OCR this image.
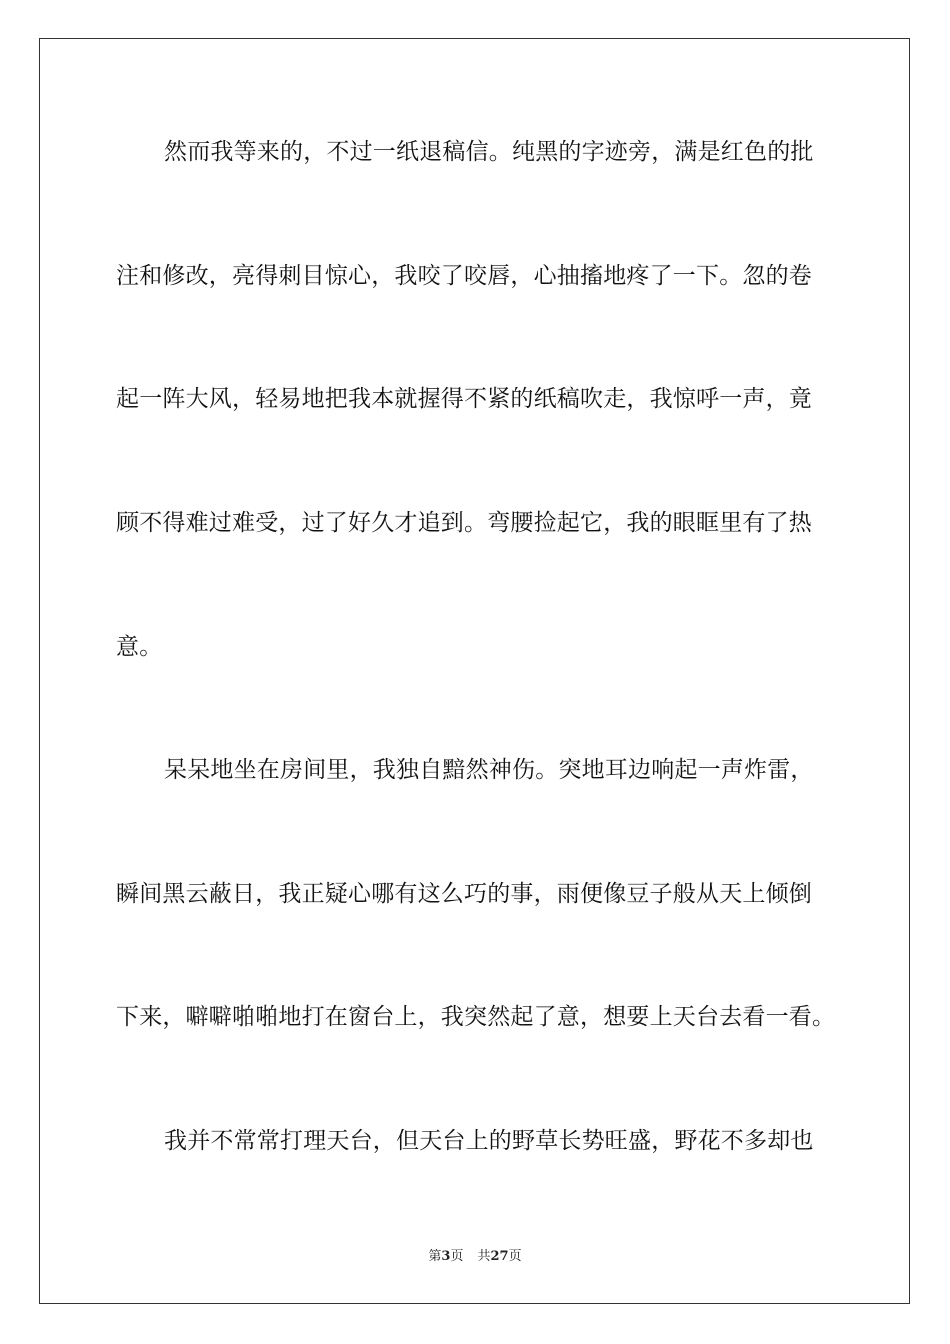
然而我等来的，不过一纸退稿信。纯黑的字迹旁，满是红色的批
注和修改，亮得刺目惊心，我咬了咬唇，心抽搐地疼了一下。忽的卷
起一阵大风，轻易地把我本就握得不紧的纸稿吹走，我惊呼一声，竟
顾不得难过难受，过了好久才追到。弯腰捡起它，我的眼眶里有了热
意。
呆呆地坐在房间里，我独自黯然神伤。突地耳边响起一声炸雷，
瞬间黑云蔽日，我正疑心哪有这么巧的事，雨便像豆子般从天上倾倒
下来，噼噼啪啪地打在窗台上，我突然起了意，想要上天台去看一看。
我并不常常打理天台，但天台上的野草长势旺盛，野花不多却也
第3页 共27页
